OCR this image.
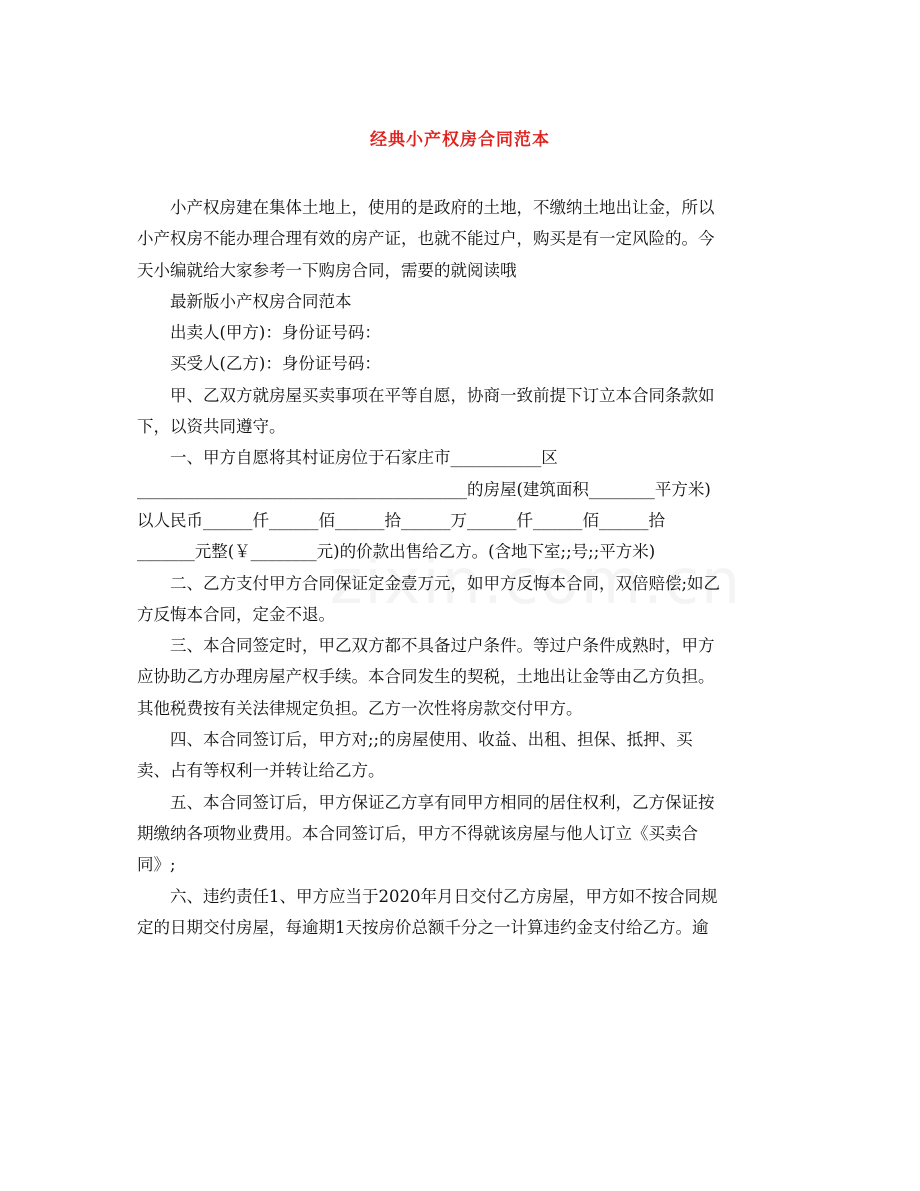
经典小产权房合同范本
小产权房建在集体土地上，使用的是政府的土地，不缴纳土地出让金，所以
小产权房不能办理合理有效的房产证，也就不能过户，购买是有一定风险的。今
天小编就给大家参考一下购房合同，需要的就阅读哦
最新版小产权房合同范本
出卖人(甲方)：身份证号码：
买受人(乙方)：身份证号码：
甲、乙双方就房屋买卖事项在平等自愿，协商一致前提下订立本合同条款如
下，以资共同遵守。
一、甲方自愿将其村证房位于石家庄市___________区
________________________________________的房屋(建筑面积________平方米)
以人民币______仟______佰______拾______万______仟______佰______拾
_______元整(￥________元)的价款出售给乙方。(含地下室;;号;;平方米)
二、乙方支付甲方合同保证定金壹万元，如甲方反悔本合同，双倍赔偿;如乙
方反悔本合同，定金不退。
三、本合同签定时，甲乙双方都不具备过户条件。等过户条件成熟时，甲方
应协助乙方办理房屋产权手续。本合同发生的契税，土地出让金等由乙方负担。
其他税费按有关法律规定负担。乙方一次性将房款交付甲方。
四、本合同签订后，甲方对;;的房屋使用、收益、出租、担保、抵押、买
卖、占有等权利一并转让给乙方。
五、本合同签订后，甲方保证乙方享有同甲方相同的居住权利，乙方保证按
期缴纳各项物业费用。本合同签订后，甲方不得就该房屋与他人订立《买卖合
同》;
六、违约责任1、甲方应当于2020年月日交付乙方房屋，甲方如不按合同规
定的日期交付房屋，每逾期1天按房价总额千分之一计算违约金支付给乙方。逾
